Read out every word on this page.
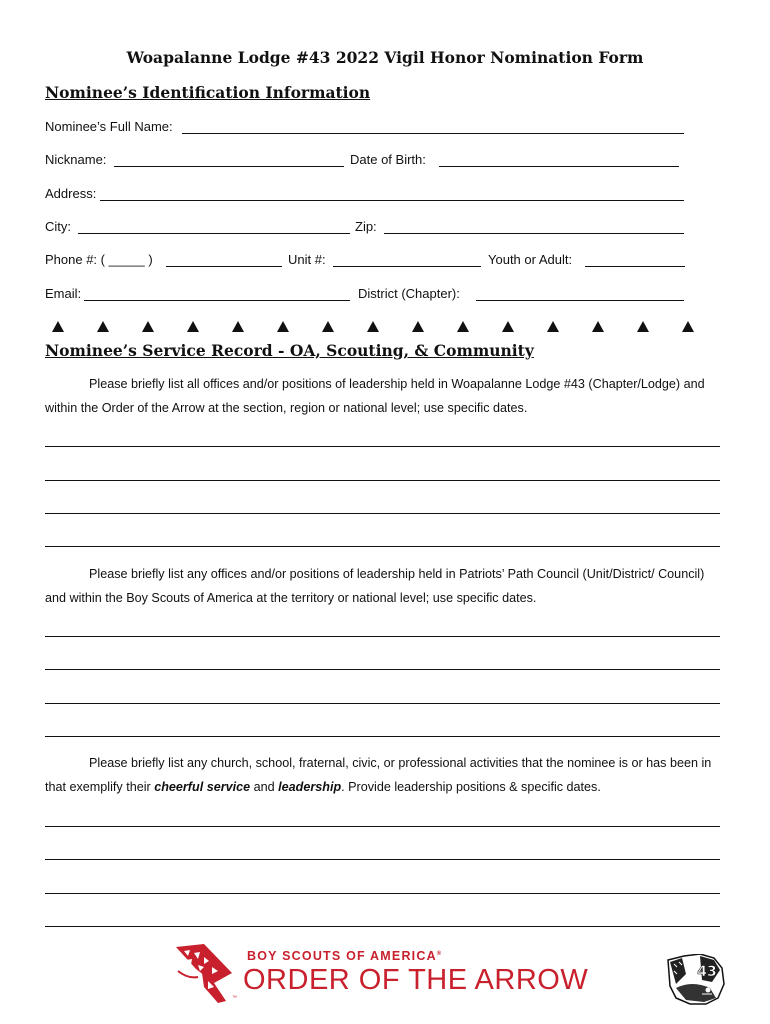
Woapalanne Lodge #43 2022 Vigil Honor Nomination Form
Nominee’s Identification Information
Nominee’s Full Name:
Nickname:	Date of Birth:
Address:
City:	Zip:
Phone #: ( _____ )	Unit #:	Youth or Adult:
Email:	District (Chapter):
Nominee’s Service Record - OA, Scouting, & Community
Please briefly list all offices and/or positions of leadership held in Woapalanne Lodge #43 (Chapter/Lodge) and within the Order of the Arrow at the section, region or national level; use specific dates.
Please briefly list any offices and/or positions of leadership held in Patriots’ Path Council (Unit/District/ Council) and within the Boy Scouts of America at the territory or national level; use specific dates.
Please briefly list any church, school, fraternal, civic, or professional activities that the nominee is or has been in that exemplify their cheerful service and leadership. Provide leadership positions & specific dates.
BOY SCOUTS OF AMERICA®
ORDER OF THE ARROW
™
43
